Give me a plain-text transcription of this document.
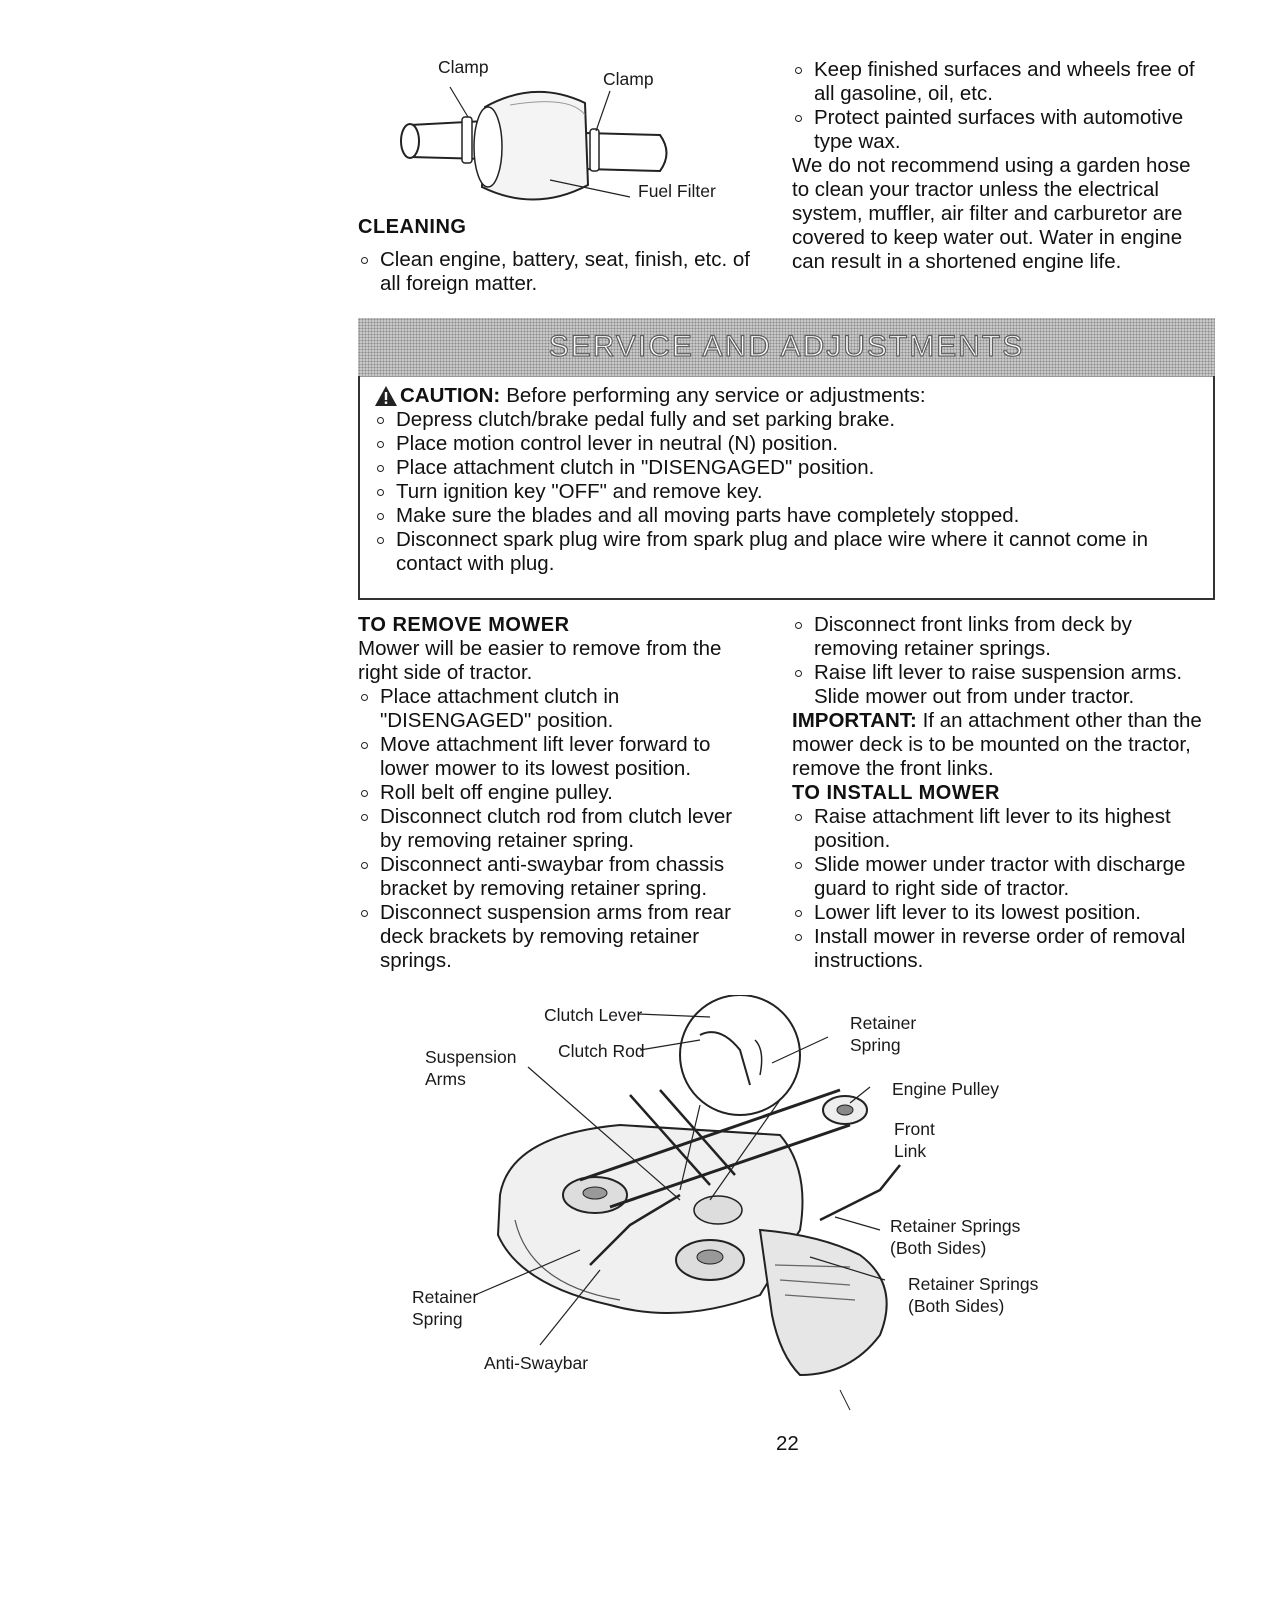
Clamp
Clamp
Fuel Filter
CLEANING
Clean engine, battery, seat, finish, etc. of all foreign matter.
Keep finished surfaces and wheels free of all gasoline, oil, etc.
Protect painted surfaces with automotive type wax.
We do not recommend using a garden hose to clean your tractor unless the electrical system, muffler, air filter and carburetor are covered to keep water out. Water in engine can result in a shortened engine life.
SERVICE AND ADJUSTMENTS
CAUTION: Before performing any service or adjustments:
Depress clutch/brake pedal fully and set parking brake.
Place motion control lever in neutral (N) position.
Place attachment clutch in "DISENGAGED" position.
Turn ignition key "OFF" and remove key.
Make sure the blades and all moving parts have completely stopped.
Disconnect spark plug wire from spark plug and place wire where it cannot come in contact with plug.
TO REMOVE MOWER
Mower will be easier to remove from the right side of tractor.
Place attachment clutch in "DISENGAGED" position.
Move attachment lift lever forward to lower mower to its lowest position.
Roll belt off engine pulley.
Disconnect clutch rod from clutch lever by removing retainer spring.
Disconnect anti-swaybar from chassis bracket by removing retainer spring.
Disconnect suspension arms from rear deck brackets by removing retainer springs.
Disconnect front links from deck by removing retainer springs.
Raise lift lever to raise suspension arms. Slide mower out from under tractor.
IMPORTANT: If an attachment other than the mower deck is to be mounted on the tractor, remove the front links.
TO INSTALL MOWER
Raise attachment lift lever to its highest position.
Slide mower under tractor with discharge guard to right side of tractor.
Lower lift lever to its lowest position.
Install mower in reverse order of removal instructions.
Clutch Lever
Clutch Rod
Suspension
Arms
Retainer
Spring
Engine Pulley
Front
Link
Retainer Springs
(Both Sides)
Retainer Springs
(Both Sides)
Retainer
Spring
Anti-Swaybar
22
